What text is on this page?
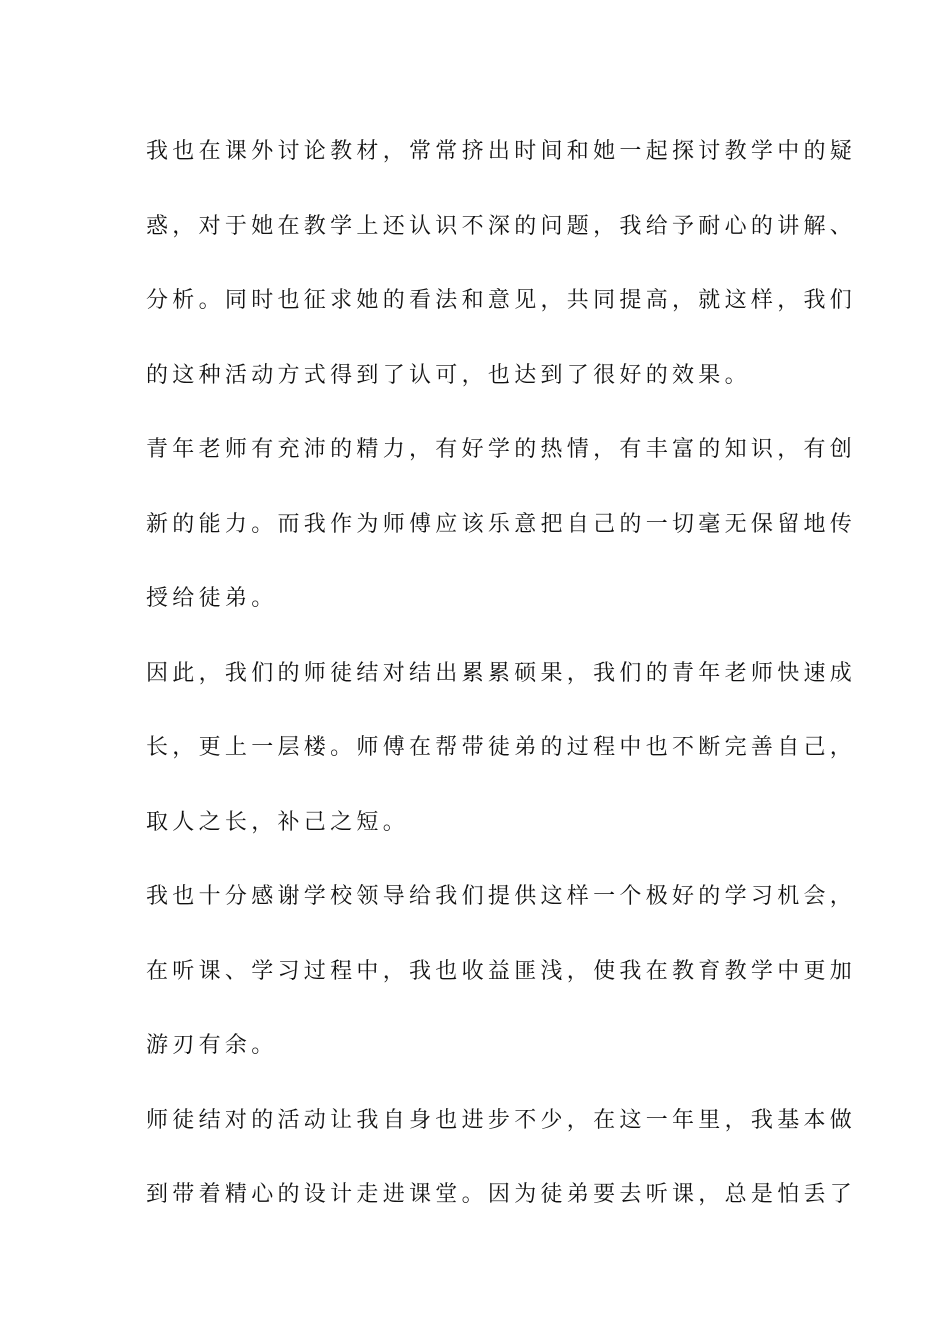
我也在课外讨论教材，常常挤出时间和她一起探讨教学中的疑

惑，对于她在教学上还认识不深的问题，我给予耐心的讲解、

分析。同时也征求她的看法和意见，共同提高，就这样，我们

的这种活动方式得到了认可，也达到了很好的效果。

青年老师有充沛的精力，有好学的热情，有丰富的知识，有创

新的能力。而我作为师傅应该乐意把自己的一切毫无保留地传

授给徒弟。

因此，我们的师徒结对结出累累硕果，我们的青年老师快速成

长，更上一层楼。师傅在帮带徒弟的过程中也不断完善自己，

取人之长，补己之短。

我也十分感谢学校领导给我们提供这样一个极好的学习机会，

在听课、学习过程中，我也收益匪浅，使我在教育教学中更加

游刃有余。

师徒结对的活动让我自身也进步不少，在这一年里，我基本做

到带着精心的设计走进课堂。因为徒弟要去听课，总是怕丢了
